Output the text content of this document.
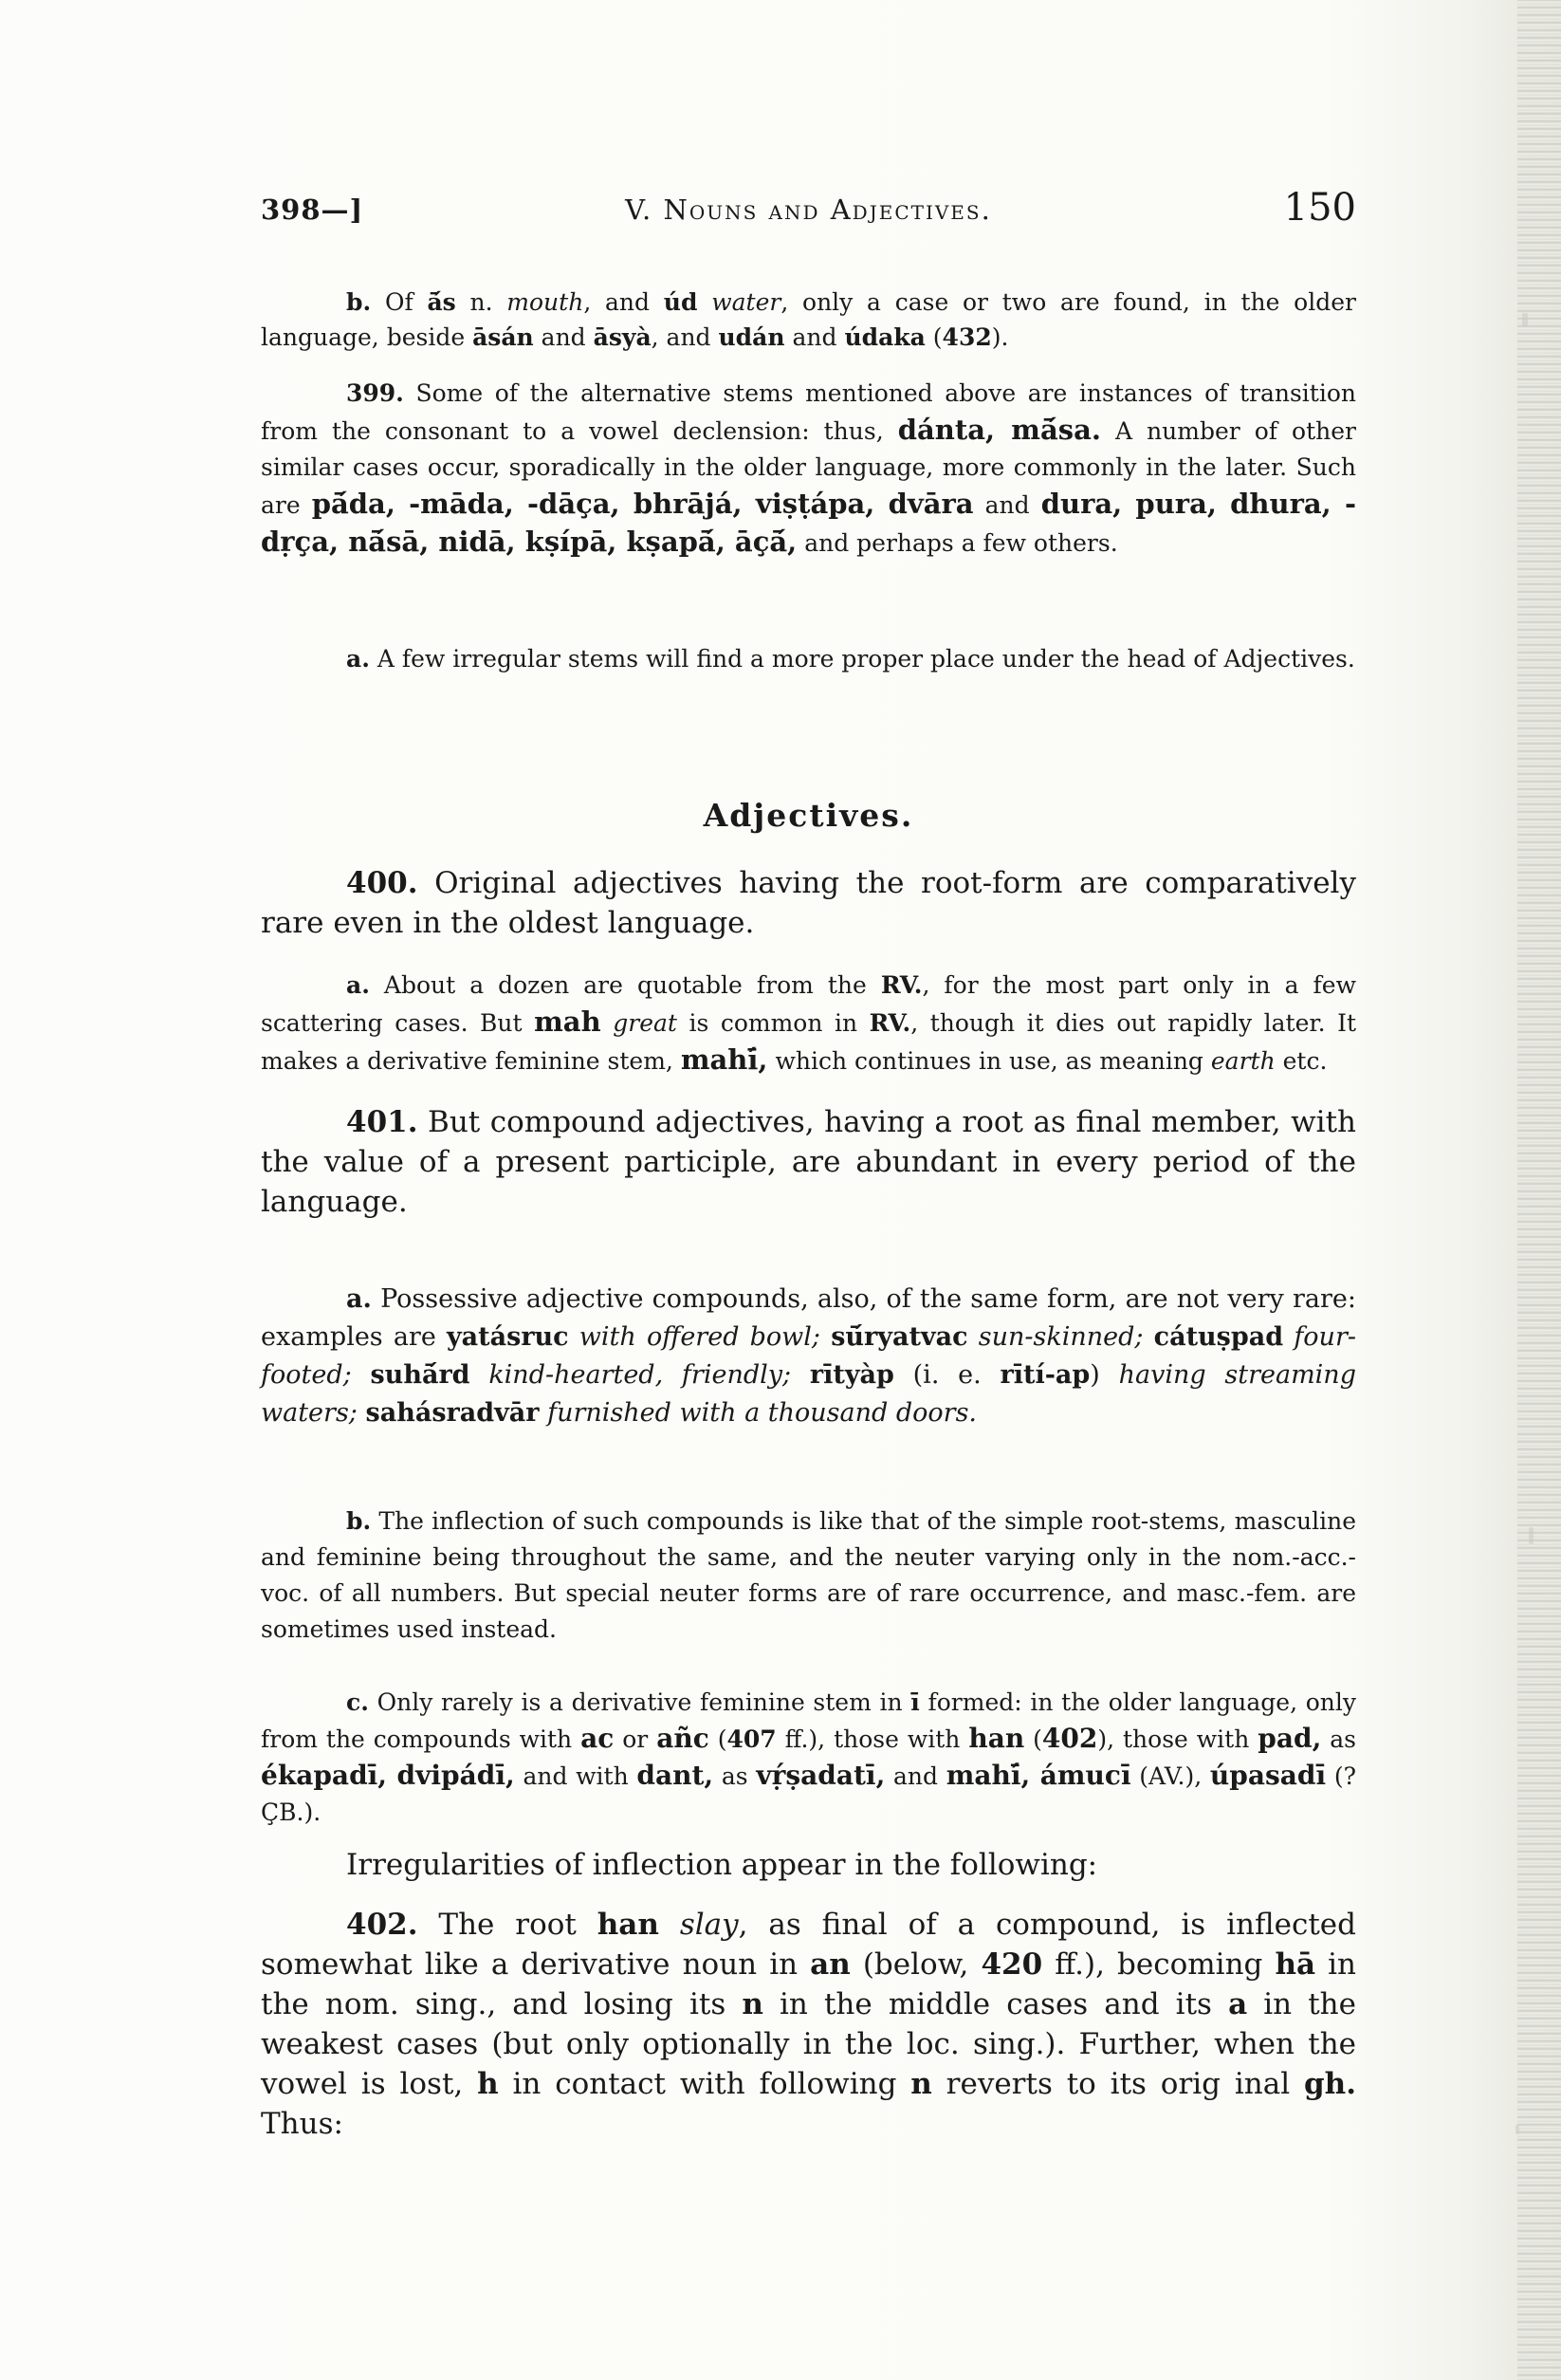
398—]	V. Nouns and Adjectives.	150
b. Of ā́s n. mouth, and úd water, only a case or two are found, in the older language, beside āsán and āsyà, and udán and údaka (432).
399. Some of the alternative stems mentioned above are instances of transition from the consonant to a vowel declension: thus, dánta, mā́sa. A number of other similar cases occur, sporadically in the older language, more commonly in the later. Such are pā́da, -māda, -dāça, bhrājá, viṣṭápa, dvāra and dura, pura, dhura, -dṛça, nā́sā, nidā, kṣípā, kṣapā́, āçā́, and perhaps a few others.
a. A few irregular stems will find a more proper place under the head of Adjectives.
Adjectives.
400. Original adjectives having the root-form are comparatively rare even in the oldest language.
a. About a dozen are quotable from the RV., for the most part only in a few scattering cases. But mah great is common in RV., though it dies out rapidly later. It makes a derivative feminine stem, mahī́, which continues in use, as meaning earth etc.
401. But compound adjectives, having a root as final member, with the value of a present participle, are abundant in every period of the language.
a. Possessive adjective compounds, also, of the same form, are not very rare: examples are yatásruc with offered bowl; sū́ryatvac sun-skinned; cátuṣpad four-footed; suhā́rd kind-hearted, friendly; rītyàp (i. e. rītí-ap) having streaming waters; sahásradvār furnished with a thousand doors.
b. The inflection of such compounds is like that of the simple root-stems, masculine and feminine being throughout the same, and the neuter varying only in the nom.-acc.-voc. of all numbers. But special neuter forms are of rare occurrence, and masc.-fem. are sometimes used instead.
c. Only rarely is a derivative feminine stem in ī formed: in the older language, only from the compounds with ac or añc (407 ff.), those with han (402), those with pad, as ékapadī, dvipádī, and with dant, as vṛ́ṣadatī, and mahī́, ámucī (AV.), úpasadī (? ÇB.).
Irregularities of inflection appear in the following:
402. The root han slay, as final of a compound, is inflected somewhat like a derivative noun in an (below, 420 ff.), becoming hā in the nom. sing., and losing its n in the middle cases and its a in the weakest cases (but only optionally in the loc. sing.). Further, when the vowel is lost, h in contact with following n reverts to its orig inal gh. Thus:
